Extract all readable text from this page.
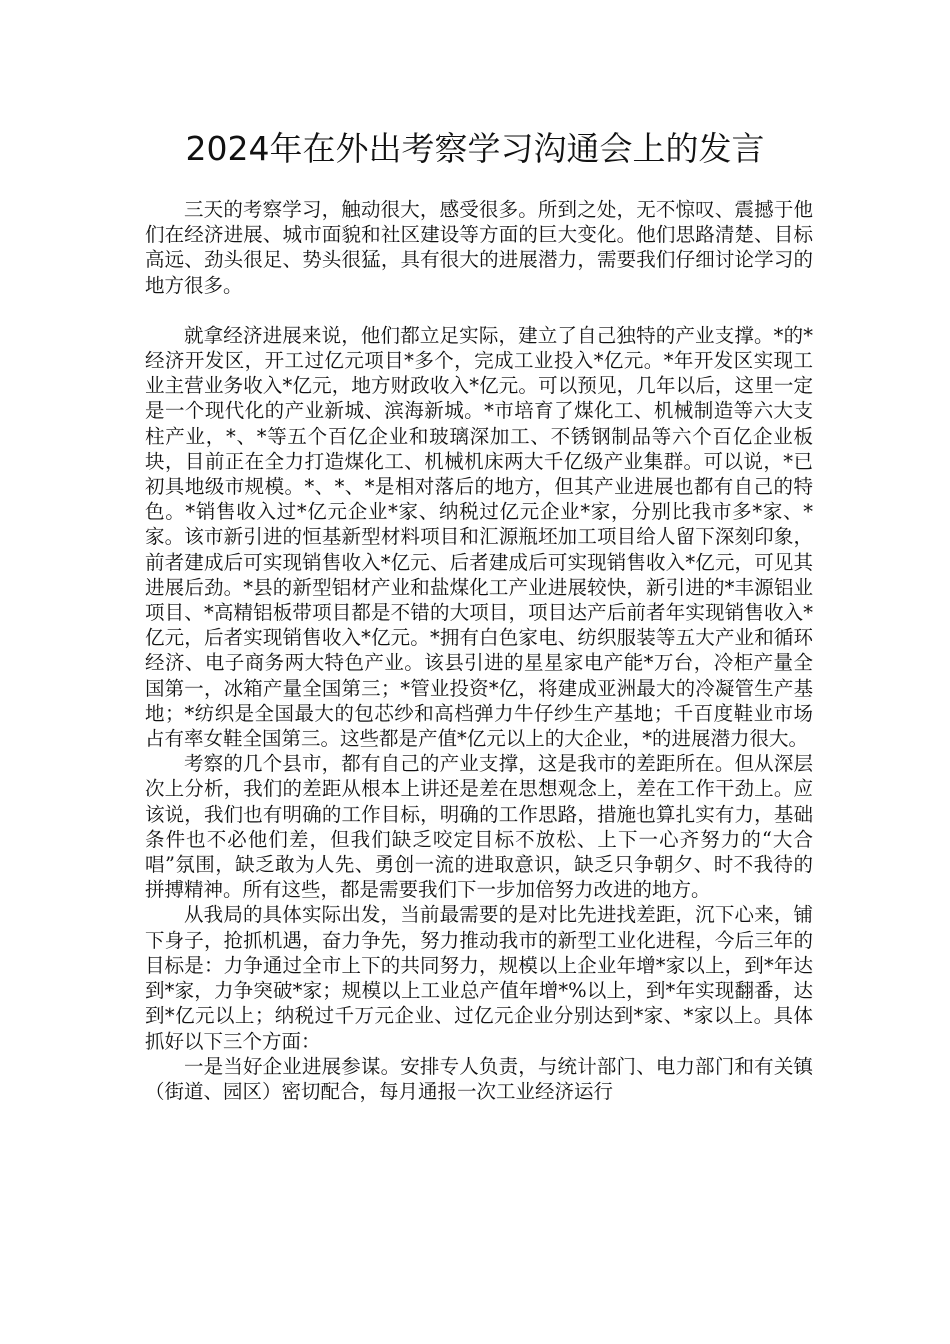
2024年在外出考察学习沟通会上的发言

三天的考察学习，触动很大，感受很多。所到之处，无不惊叹、震撼于他们在经济进展、城市面貌和社区建设等方面的巨大变化。他们思路清楚、目标高远、劲头很足、势头很猛，具有很大的进展潜力，需要我们仔细讨论学习的地方很多。

就拿经济进展来说，他们都立足实际，建立了自己独特的产业支撑。*的*经济开发区，开工过亿元项目*多个，完成工业投入*亿元。*年开发区实现工业主营业务收入*亿元，地方财政收入*亿元。可以预见，几年以后，这里一定是一个现代化的产业新城、滨海新城。*市培育了煤化工、机械制造等六大支柱产业，*、*等五个百亿企业和玻璃深加工、不锈钢制品等六个百亿企业板块，目前正在全力打造煤化工、机械机床两大千亿级产业集群。可以说，*已初具地级市规模。*、*、*是相对落后的地方，但其产业进展也都有自己的特色。*销售收入过*亿元企业*家、纳税过亿元企业*家，分别比我市多*家、*家。该市新引进的恒基新型材料项目和汇源瓶坯加工项目给人留下深刻印象，前者建成后可实现销售收入*亿元、后者建成后可实现销售收入*亿元，可见其进展后劲。*县的新型铝材产业和盐煤化工产业进展较快，新引进的*丰源铝业项目、*高精铝板带项目都是不错的大项目，项目达产后前者年实现销售收入*亿元，后者实现销售收入*亿元。*拥有白色家电、纺织服装等五大产业和循环经济、电子商务两大特色产业。该县引进的星星家电产能*万台，冷柜产量全国第一，冰箱产量全国第三；*管业投资*亿，将建成亚洲最大的冷凝管生产基地；*纺织是全国最大的包芯纱和高档弹力牛仔纱生产基地；千百度鞋业市场占有率女鞋全国第三。这些都是产值*亿元以上的大企业，*的进展潜力很大。

考察的几个县市，都有自己的产业支撑，这是我市的差距所在。但从深层次上分析，我们的差距从根本上讲还是差在思想观念上，差在工作干劲上。应该说，我们也有明确的工作目标，明确的工作思路，措施也算扎实有力，基础条件也不必他们差，但我们缺乏咬定目标不放松、上下一心齐努力的“大合唱”氛围，缺乏敢为人先、勇创一流的进取意识，缺乏只争朝夕、时不我待的拼搏精神。所有这些，都是需要我们下一步加倍努力改进的地方。

从我局的具体实际出发，当前最需要的是对比先进找差距，沉下心来，铺下身子，抢抓机遇，奋力争先，努力推动我市的新型工业化进程，今后三年的目标是：力争通过全市上下的共同努力，规模以上企业年增*家以上，到*年达到*家，力争突破*家；规模以上工业总产值年增*%以上，到*年实现翻番，达到*亿元以上；纳税过千万元企业、过亿元企业分别达到*家、*家以上。具体抓好以下三个方面：

一是当好企业进展参谋。安排专人负责，与统计部门、电力部门和有关镇（街道、园区）密切配合，每月通报一次工业经济运行
